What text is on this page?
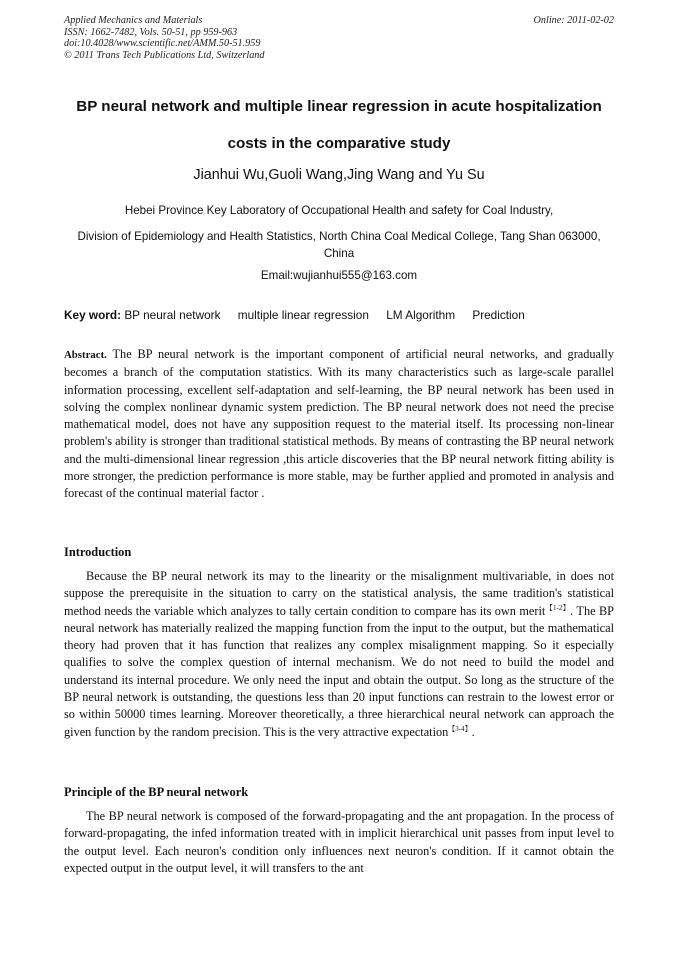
Applied Mechanics and Materials
ISSN: 1662-7482, Vols. 50-51, pp 959-963
doi:10.4028/www.scientific.net/AMM.50-51.959
© 2011 Trans Tech Publications Ltd, Switzerland
Online: 2011-02-02
BP neural network and multiple linear regression in acute hospitalization costs in the comparative study
Jianhui Wu,Guoli Wang,Jing Wang and Yu Su
Hebei Province Key Laboratory of Occupational Health and safety for Coal Industry,
Division of Epidemiology and Health Statistics, North China Coal Medical College, Tang Shan 063000, China
Email:wujianhui555@163.com
Key word: BP neural network multiple linear regression LM Algorithm Prediction
Abstract. The BP neural network is the important component of artificial neural networks, and gradually becomes a branch of the computation statistics. With its many characteristics such as large-scale parallel information processing, excellent self-adaptation and self-learning, the BP neural network has been used in solving the complex nonlinear dynamic system prediction. The BP neural network does not need the precise mathematical model, does not have any supposition request to the material itself. Its processing non-linear problem's ability is stronger than traditional statistical methods. By means of contrasting the BP neural network and the multi-dimensional linear regression ,this article discoveries that the BP neural network fitting ability is more stronger, the prediction performance is more stable, may be further applied and promoted in analysis and forecast of the continual material factor .
Introduction
Because the BP neural network its may to the linearity or the misalignment multivariable, in does not suppose the prerequisite in the situation to carry on the statistical analysis, the same tradition's statistical method needs the variable which analyzes to tally certain condition to compare has its own merit$^{【1-2】}$. The BP neural network has materially realized the mapping function from the input to the output, but the mathematical theory had proven that it has function that realizes any complex misalignment mapping. So it especially qualifies to solve the complex question of internal mechanism. We do not need to build the model and understand its internal procedure. We only need the input and obtain the output. So long as the structure of the BP neural network is outstanding, the questions less than 20 input functions can restrain to the lowest error or so within 50000 times learning. Moreover theoretically, a three hierarchical neural network can approach the given function by the random precision. This is the very attractive expectation$^{【3-4】}$.
Principle of the BP neural network
The BP neural network is composed of the forward-propagating and the ant propagation. In the process of forward-propagating, the infed information treated with in implicit hierarchical unit passes from input level to the output level. Each neuron's condition only influences next neuron's condition. If it cannot obtain the expected output in the output level, it will transfers to the ant
